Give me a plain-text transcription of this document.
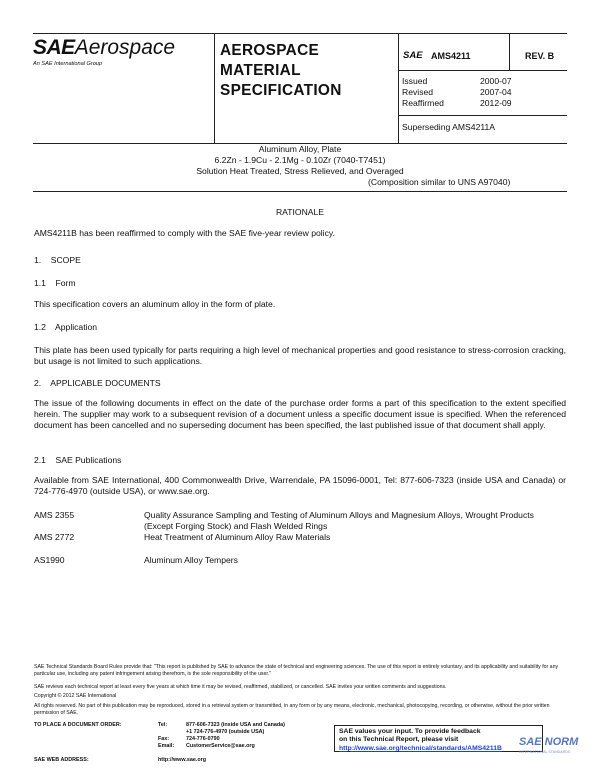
SAEAerospace
An SAE International Group
AEROSPACE
MATERIAL
SPECIFICATION
SAE AMS4211	REV. B
Issued	2000-07
Revised	2007-04
Reaffirmed	2012-09
Superseding AMS4211A
Aluminum Alloy, Plate
6.2Zn - 1.9Cu - 2.1Mg - 0.10Zr (7040-T7451)
Solution Heat Treated, Stress Relieved, and Overaged
(Composition similar to UNS A97040)
RATIONALE
AMS4211B has been reaffirmed to comply with the SAE five-year review policy.
1.    SCOPE
1.1    Form
This specification covers an aluminum alloy in the form of plate.
1.2    Application
This plate has been used typically for parts requiring a high level of mechanical properties and good resistance to stress-corrosion cracking, but usage is not limited to such applications.
2.    APPLICABLE DOCUMENTS
The issue of the following documents in effect on the date of the purchase order forms a part of this specification to the extent specified herein. The supplier may work to a subsequent revision of a document unless a specific document issue is specified. When the referenced document has been cancelled and no superseding document has been specified, the last published issue of that document shall apply.
2.1    SAE Publications
Available from SAE International, 400 Commonwealth Drive, Warrendale, PA 15096-0001, Tel: 877-606-7323 (inside USA and Canada) or 724-776-4970 (outside USA), or www.sae.org.
AMS 2355	Quality Assurance Sampling and Testing of Aluminum Alloys and Magnesium Alloys, Wrought Products (Except Forging Stock) and Flash Welded Rings
AMS 2772	Heat Treatment of Aluminum Alloy Raw Materials
AS1990	Aluminum Alloy Tempers
SAE Technical Standards Board Rules provide that: "This report is published by SAE to advance the state of technical and engineering sciences. The use of this report is entirely voluntary, and its applicability and suitability for any particular use, including any patent infringement arising therefrom, is the sole responsibility of the user."
SAE reviews each technical report at least every five years at which time it may be revised, reaffirmed, stabilized, or cancelled. SAE invites your written comments and suggestions.
Copyright © 2012 SAE International
All rights reserved. No part of this publication may be reproduced, stored in a retrieval system or transmitted, in any form or by any means, electronic, mechanical, photocopying, recording, or otherwise, without the prior written permission of SAE.
TO PLACE A DOCUMENT ORDER:	Tel:	877-606-7323 (inside USA and Canada)
+1 724-776-4970 (outside USA)
Fax:	724-776-0790
Email: CustomerService@sae.org
SAE WEB ADDRESS:	http://www.sae.org
SAE values your input. To provide feedback
on this Technical Report, please visit
http://www.sae.org/technical/standards/AMS4211B
SAE NORM
INTERNATIONAL STANDARDS
